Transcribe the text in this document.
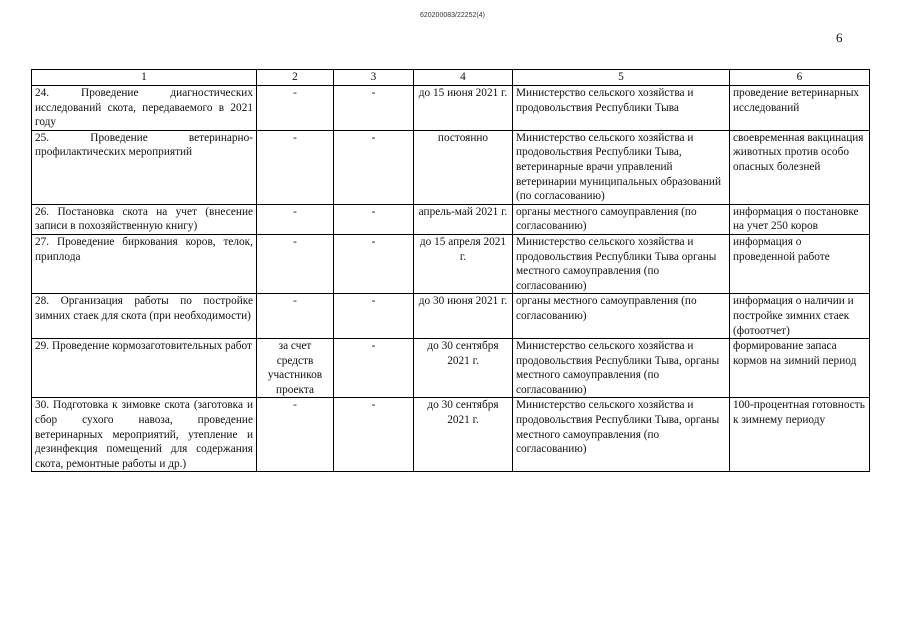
620200083/22252(4)
6
1	2	3	4	5	6
24. Проведение диагностических исследований скота, передаваемого в 2021 году	-	-	до 15 июня 2021 г.	Министерство сельского хозяйства и продовольствия Республики Тыва	проведение ветеринарных исследований
25. Проведение ветеринарно-профилактических мероприятий	-	-	постоянно	Министерство сельского хозяйства и продовольствия Республики Тыва, ветеринарные врачи управлений ветеринарии муниципальных образований (по согласованию)	своевременная вакцинация животных против особо опасных болезней
26. Постановка скота на учет (внесение записи в похозяйственную книгу)	-	-	апрель-май 2021 г.	органы местного самоуправления (по согласованию)	информация о постановке на учет 250 коров
27. Проведение биркования коров, телок, приплода	-	-	до 15 апреля 2021 г.	Министерство сельского хозяйства и продовольствия Республики Тыва органы местного самоуправления (по согласованию)	информация о проведенной работе
28. Организация работы по постройке зимних стаек для скота (при необходимости)	-	-	до 30 июня 2021 г.	органы местного самоуправления (по согласованию)	информация о наличии и постройке зимних стаек (фотоотчет)
29. Проведение кормозаготовительных работ	за счет средств участников проекта	-	до 30 сентября 2021 г.	Министерство сельского хозяйства и продовольствия Республики Тыва, органы местного самоуправления (по согласованию)	формирование запаса кормов на зимний период
30. Подготовка к зимовке скота (заготовка и сбор сухого навоза, проведение ветеринарных мероприятий, утепление и дезинфекция помещений для содержания скота, ремонтные работы и др.)	-	-	до 30 сентября 2021 г.	Министерство сельского хозяйства и продовольствия Республики Тыва, органы местного самоуправления (по согласованию)	100-процентная готовность к зимнему периоду
